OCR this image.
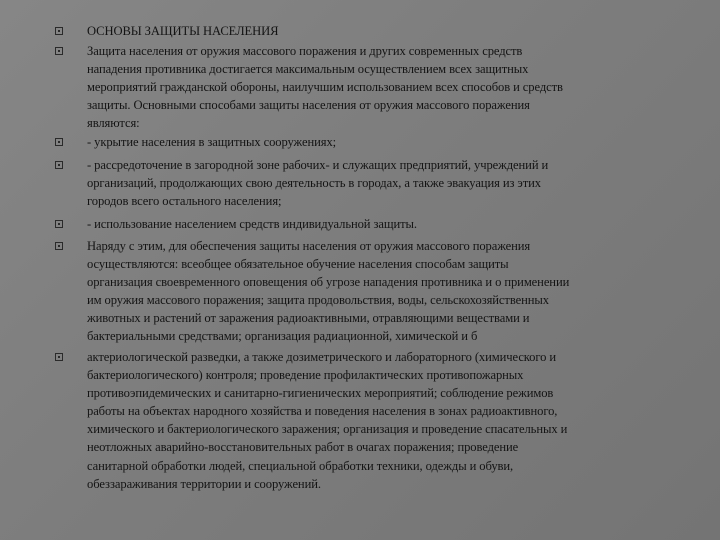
ОСНОВЫ ЗАЩИТЫ НАСЕЛЕНИЯ
Защита населения от оружия массового поражения и других современных средств
нападения противника достигается максимальным осуществлением всех защитных
мероприятий гражданской обороны, наилучшим использованием всех способов и средств
защиты. Основными способами защиты населения от оружия массового поражения
являются:
- укрытие населения в защитных сооружениях;
- рассредоточение в загородной зоне рабочих- и служащих предприятий, учреждений и
организаций, продолжающих свою деятельность в городах, а также эвакуация из этих
городов всего остального населения;
- использование населением средств индивидуальной защиты.
Наряду с этим, для обеспечения защиты населения от оружия массового поражения
осуществляются: всеобщее обязательное обучение населения способам защиты
организация своевременного оповещения об угрозе нападения противника и о применении
им оружия массового поражения; защита продовольствия, воды, сельскохозяйственных
животных и растений от заражения радиоактивными, отравляющими веществами и
бактериальными средствами; организация радиационной, химической и б
актериологической разведки, а также дозиметрического и лабораторного (химического и
бактериологического) контроля; проведение профилактических противопожарных
противоэпидемических и санитарно-гигиенических мероприятий; соблюдение режимов
работы на объектах народного хозяйства и поведения населения в зонах радиоактивного,
химического и бактериологического заражения; организация и проведение спасательных и
неотложных аварийно-восстановительных работ в очагах поражения; проведение
санитарной обработки людей, специальной обработки техники, одежды и обуви,
обеззараживания территории и сооружений.
